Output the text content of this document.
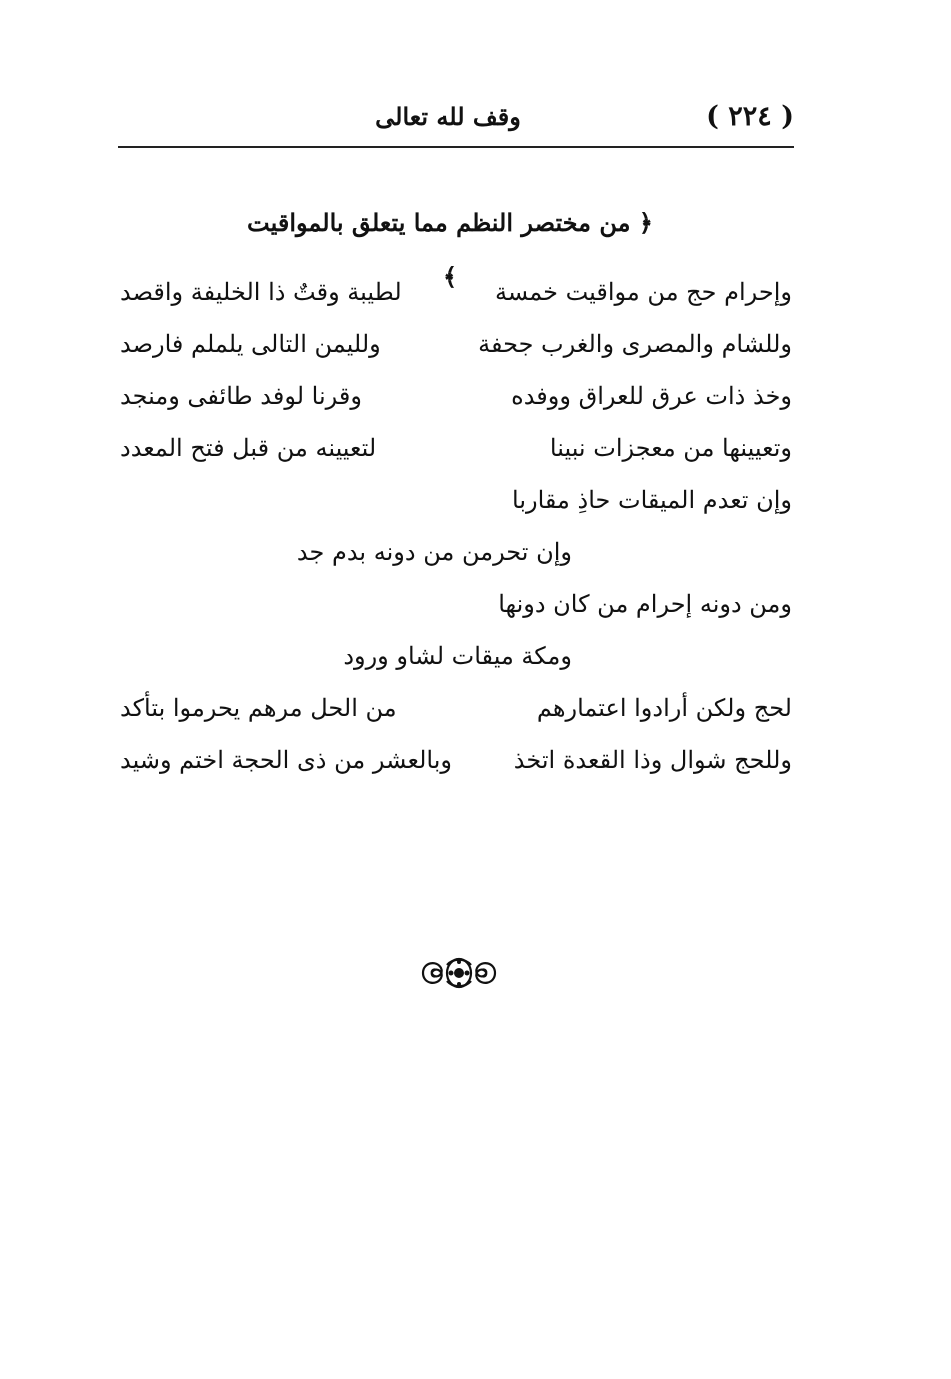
( ٢٢٤ )
وقف لله تعالى
﴿ من مختصر النظم مما يتعلق بالمواقيت ﴾
وإحرام حج من مواقيت خمسة
لطيبة وقتٌ ذا الخليفة واقصد
وللشام والمصرى والغرب جحفة
ولليمن التالى يلملم فارصد
وخذ ذات عرق للعراق ووفده
وقرنا لوفد طائفى ومنجد
وتعيينها من معجزات نبينا
لتعيينه من قبل فتح المعدد
وإن تعدم الميقات حاذِ مقاربا
وإن تحرمن من دونه بدم جد
ومن دونه إحرام من كان دونها
ومكة ميقات لشاو ورود
لحج ولكن أرادوا اعتمارهم
من الحل مرهم يحرموا بتأكد
وللحج شوال وذا القعدة اتخذ
وبالعشر من ذى الحجة اختم وشيد
